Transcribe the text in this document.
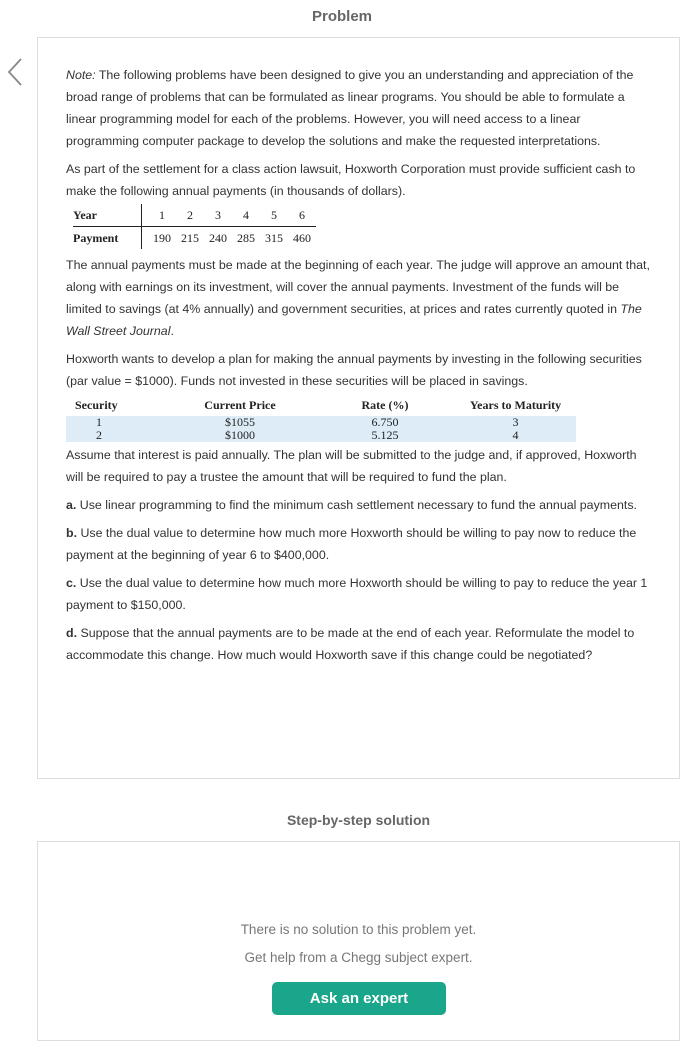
Problem

Note: The following problems have been designed to give you an understanding and appreciation of the broad range of problems that can be formulated as linear programs. You should be able to formulate a linear programming model for each of the problems. However, you will need access to a linear programming computer package to develop the solutions and make the requested interpretations.

As part of the settlement for a class action lawsuit, Hoxworth Corporation must provide sufficient cash to make the following annual payments (in thousands of dollars).

Year	1	2	3	4	5	6
Payment	190	215	240	285	315	460

The annual payments must be made at the beginning of each year. The judge will approve an amount that, along with earnings on its investment, will cover the annual payments. Investment of the funds will be limited to savings (at 4% annually) and government securities, at prices and rates currently quoted in The Wall Street Journal.

Hoxworth wants to develop a plan for making the annual payments by investing in the following securities (par value = $1000). Funds not invested in these securities will be placed in savings.

Security	Current Price	Rate (%)	Years to Maturity
1	$1055	6.750	3
2	$1000	5.125	4

Assume that interest is paid annually. The plan will be submitted to the judge and, if approved, Hoxworth will be required to pay a trustee the amount that will be required to fund the plan.

a. Use linear programming to find the minimum cash settlement necessary to fund the annual payments.

b. Use the dual value to determine how much more Hoxworth should be willing to pay now to reduce the payment at the beginning of year 6 to $400,000.

c. Use the dual value to determine how much more Hoxworth should be willing to pay to reduce the year 1 payment to $150,000.

d. Suppose that the annual payments are to be made at the end of each year. Reformulate the model to accommodate this change. How much would Hoxworth save if this change could be negotiated?

Step-by-step solution
There is no solution to this problem yet.
Get help from a Chegg subject expert.
Ask an expert
